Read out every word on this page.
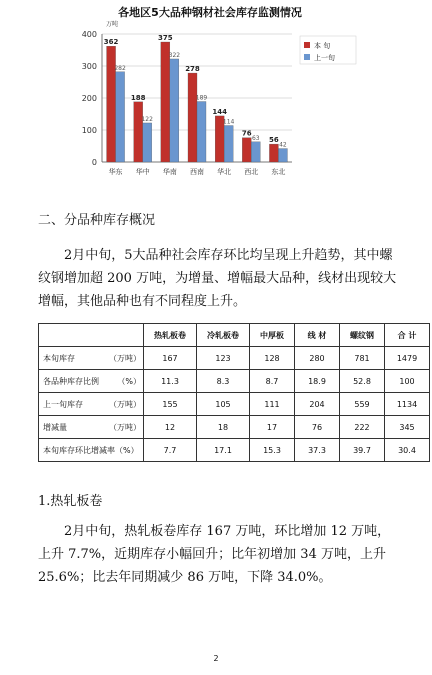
各地区5大品种钢材社会库存监测情况
0
100
200
300
400
万吨
362
282
华东
188
122
华中
375
322
华南
278
189
西南
144
114
华北
76
63
西北
56
42
东北
本 旬
上一旬
二、分品种库存概况
2月中旬，5大品种社会库存环比均呈现上升趋势，其中螺纹钢增加超 200 万吨，为增量、增幅最大品种，线材出现较大增幅，其他品种也有不同程度上升。
	热轧板卷	冷轧板卷	中厚板	线 材	螺纹钢	合 计

本旬库存 （万吨）	167	123	128	280	781	1479

各品种库存比例 （%）	11.3	8.3	8.7	18.9	52.8	100

上一旬库存 （万吨）	155	105	111	204	559	1134

增减量 （万吨）	12	18	17	76	222	345

本旬库存环比增减率（%）	7.7	17.1	15.3	37.3	39.7	30.4
1.热轧板卷
2月中旬，热轧板卷库存 167 万吨，环比增加 12 万吨，上升 7.7%，近期库存小幅回升；比年初增加 34 万吨，上升 25.6%；比去年同期减少 86 万吨，下降 34.0%。
2
